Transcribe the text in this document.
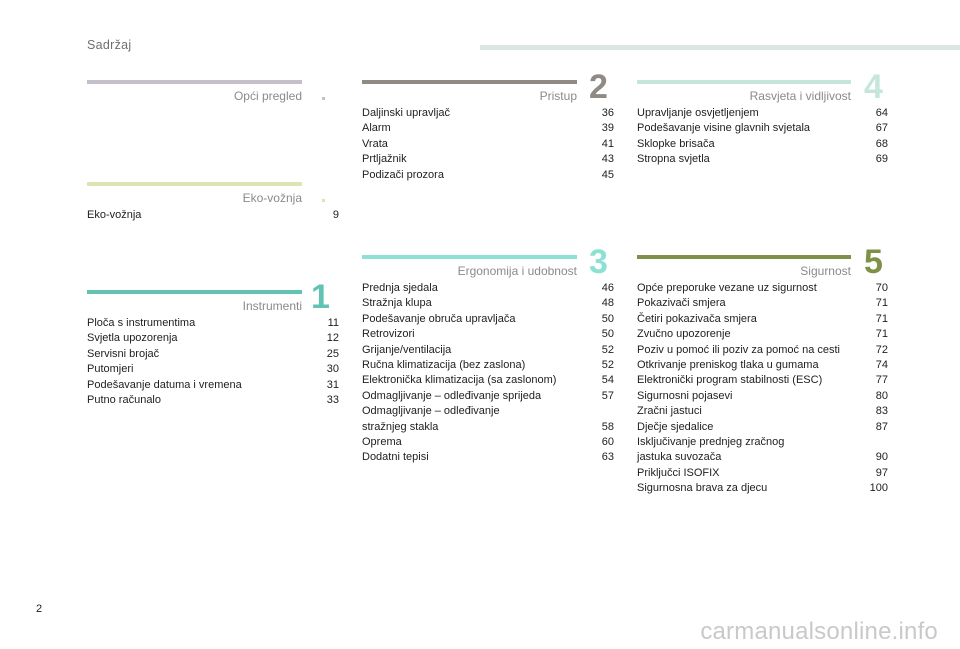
Sadržaj
Opći pregled
Eko-vožnja
Eko-vožnja	9
Instrumenti
Ploča s instrumentima	11
Svjetla upozorenja	12
Servisni brojač	25
Putomjeri	30
Podešavanje datuma i vremena	31
Putno računalo	33
1
Pristup
Daljinski upravljač	36
Alarm	39
Vrata	41
Prtljažnik	43
Podizači prozora	45
2
Ergonomija i udobnost
Prednja sjedala	46
Stražnja klupa	48
Podešavanje obruča upravljača	50
Retrovizori	50
Grijanje/ventilacija	52
Ručna klimatizacija (bez zaslona)	52
Elektronička klimatizacija (sa zaslonom)	54
Odmagljivanje – odleđivanje sprijeda	57
Odmagljivanje – odleđivanje
stražnjeg stakla	58
Oprema	60
Dodatni tepisi	63
3
Rasvjeta i vidljivost
Upravljanje osvjetljenjem	64
Podešavanje visine glavnih svjetala	67
Sklopke brisača	68
Stropna svjetla	69
4
Sigurnost
Opće preporuke vezane uz sigurnost	70
Pokazivači smjera	71
Četiri pokazivača smjera	71
Zvučno upozorenje	71
Poziv u pomoć ili poziv za pomoć na cesti	72
Otkrivanje preniskog tlaka u gumama	74
Elektronički program stabilnosti (ESC)	77
Sigurnosni pojasevi	80
Zračni jastuci	83
Dječje sjedalice	87
Isključivanje prednjeg zračnog
jastuka suvozača	90
Priključci ISOFIX	97
Sigurnosna brava za djecu	100
5
2
carmanualsonline.info
